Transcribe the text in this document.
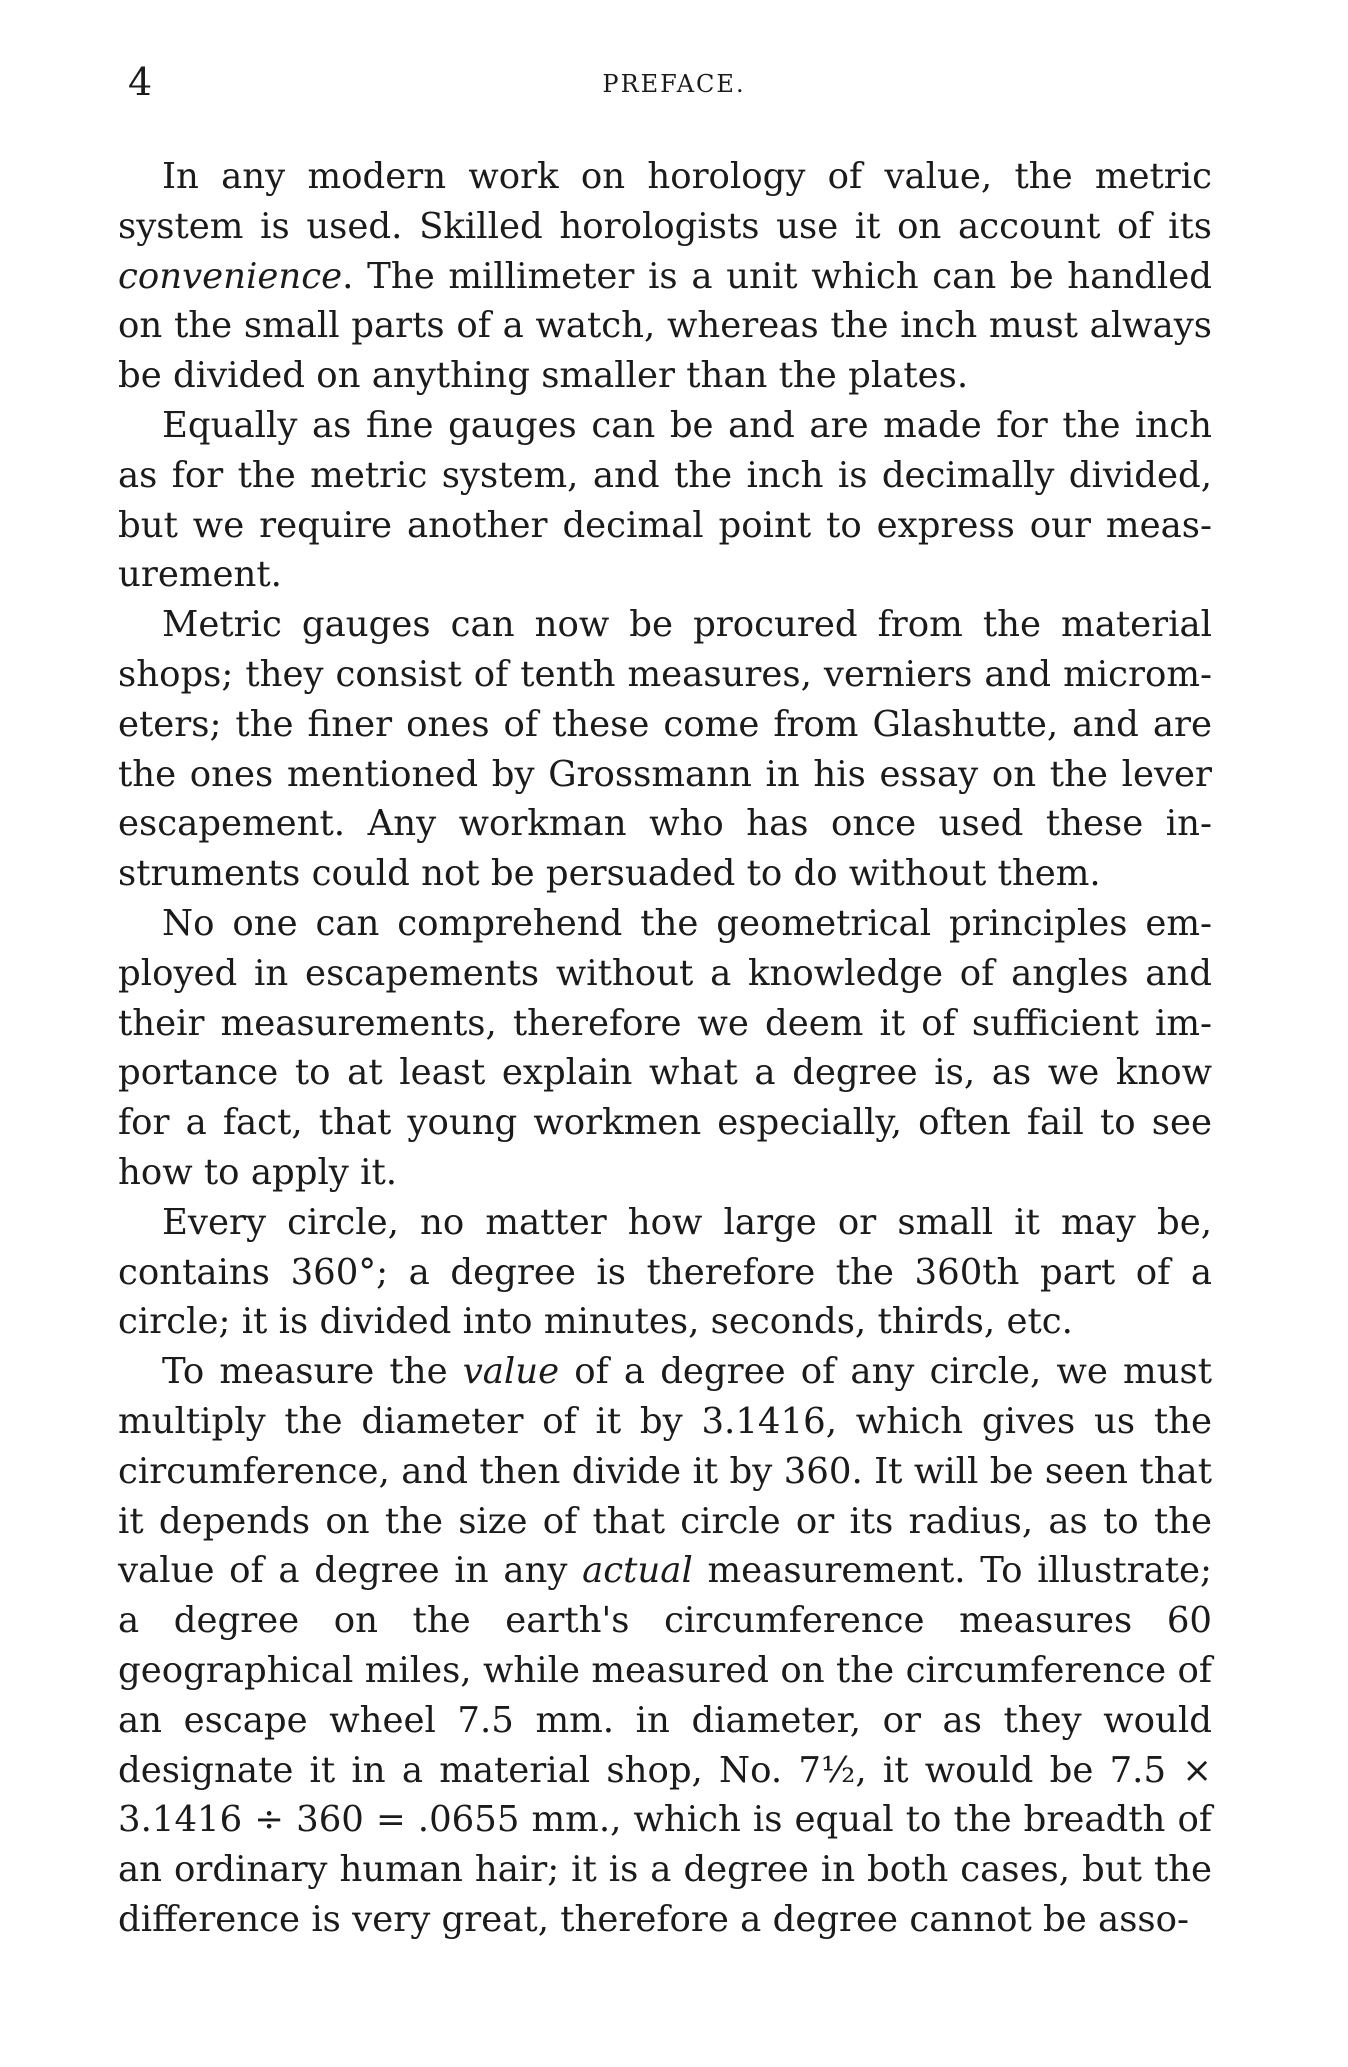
4	PREFACE.

In any modern work on horology of value, the metric system is used. Skilled horologists use it on account of its convenience. The millimeter is a unit which can be handled on the small parts of a watch, whereas the inch must always be divided on anything smaller than the plates.

Equally as fine gauges can be and are made for the inch as for the metric system, and the inch is decimally divided, but we require another decimal point to express our measurement.

Metric gauges can now be procured from the material shops; they consist of tenth measures, verniers and micrometers; the finer ones of these come from Glashutte, and are the ones mentioned by Grossmann in his essay on the lever escapement. Any workman who has once used these instruments could not be persuaded to do without them.

No one can comprehend the geometrical principles employed in escapements without a knowledge of angles and their measurements, therefore we deem it of sufficient importance to at least explain what a degree is, as we know for a fact, that young workmen especially, often fail to see how to apply it.

Every circle, no matter how large or small it may be, contains 360°; a degree is therefore the 360th part of a circle; it is divided into minutes, seconds, thirds, etc.

To measure the value of a degree of any circle, we must multiply the diameter of it by 3.1416, which gives us the circumference, and then divide it by 360. It will be seen that it depends on the size of that circle or its radius, as to the value of a degree in any actual measurement. To illustrate; a degree on the earth's circumference measures 60 geographical miles, while measured on the circumference of an escape wheel 7.5 mm. in diameter, or as they would designate it in a material shop, No. 7½, it would be 7.5 × 3.1416 ÷ 360 = .0655 mm., which is equal to the breadth of an ordinary human hair; it is a degree in both cases, but the difference is very great, therefore a degree cannot be asso-
